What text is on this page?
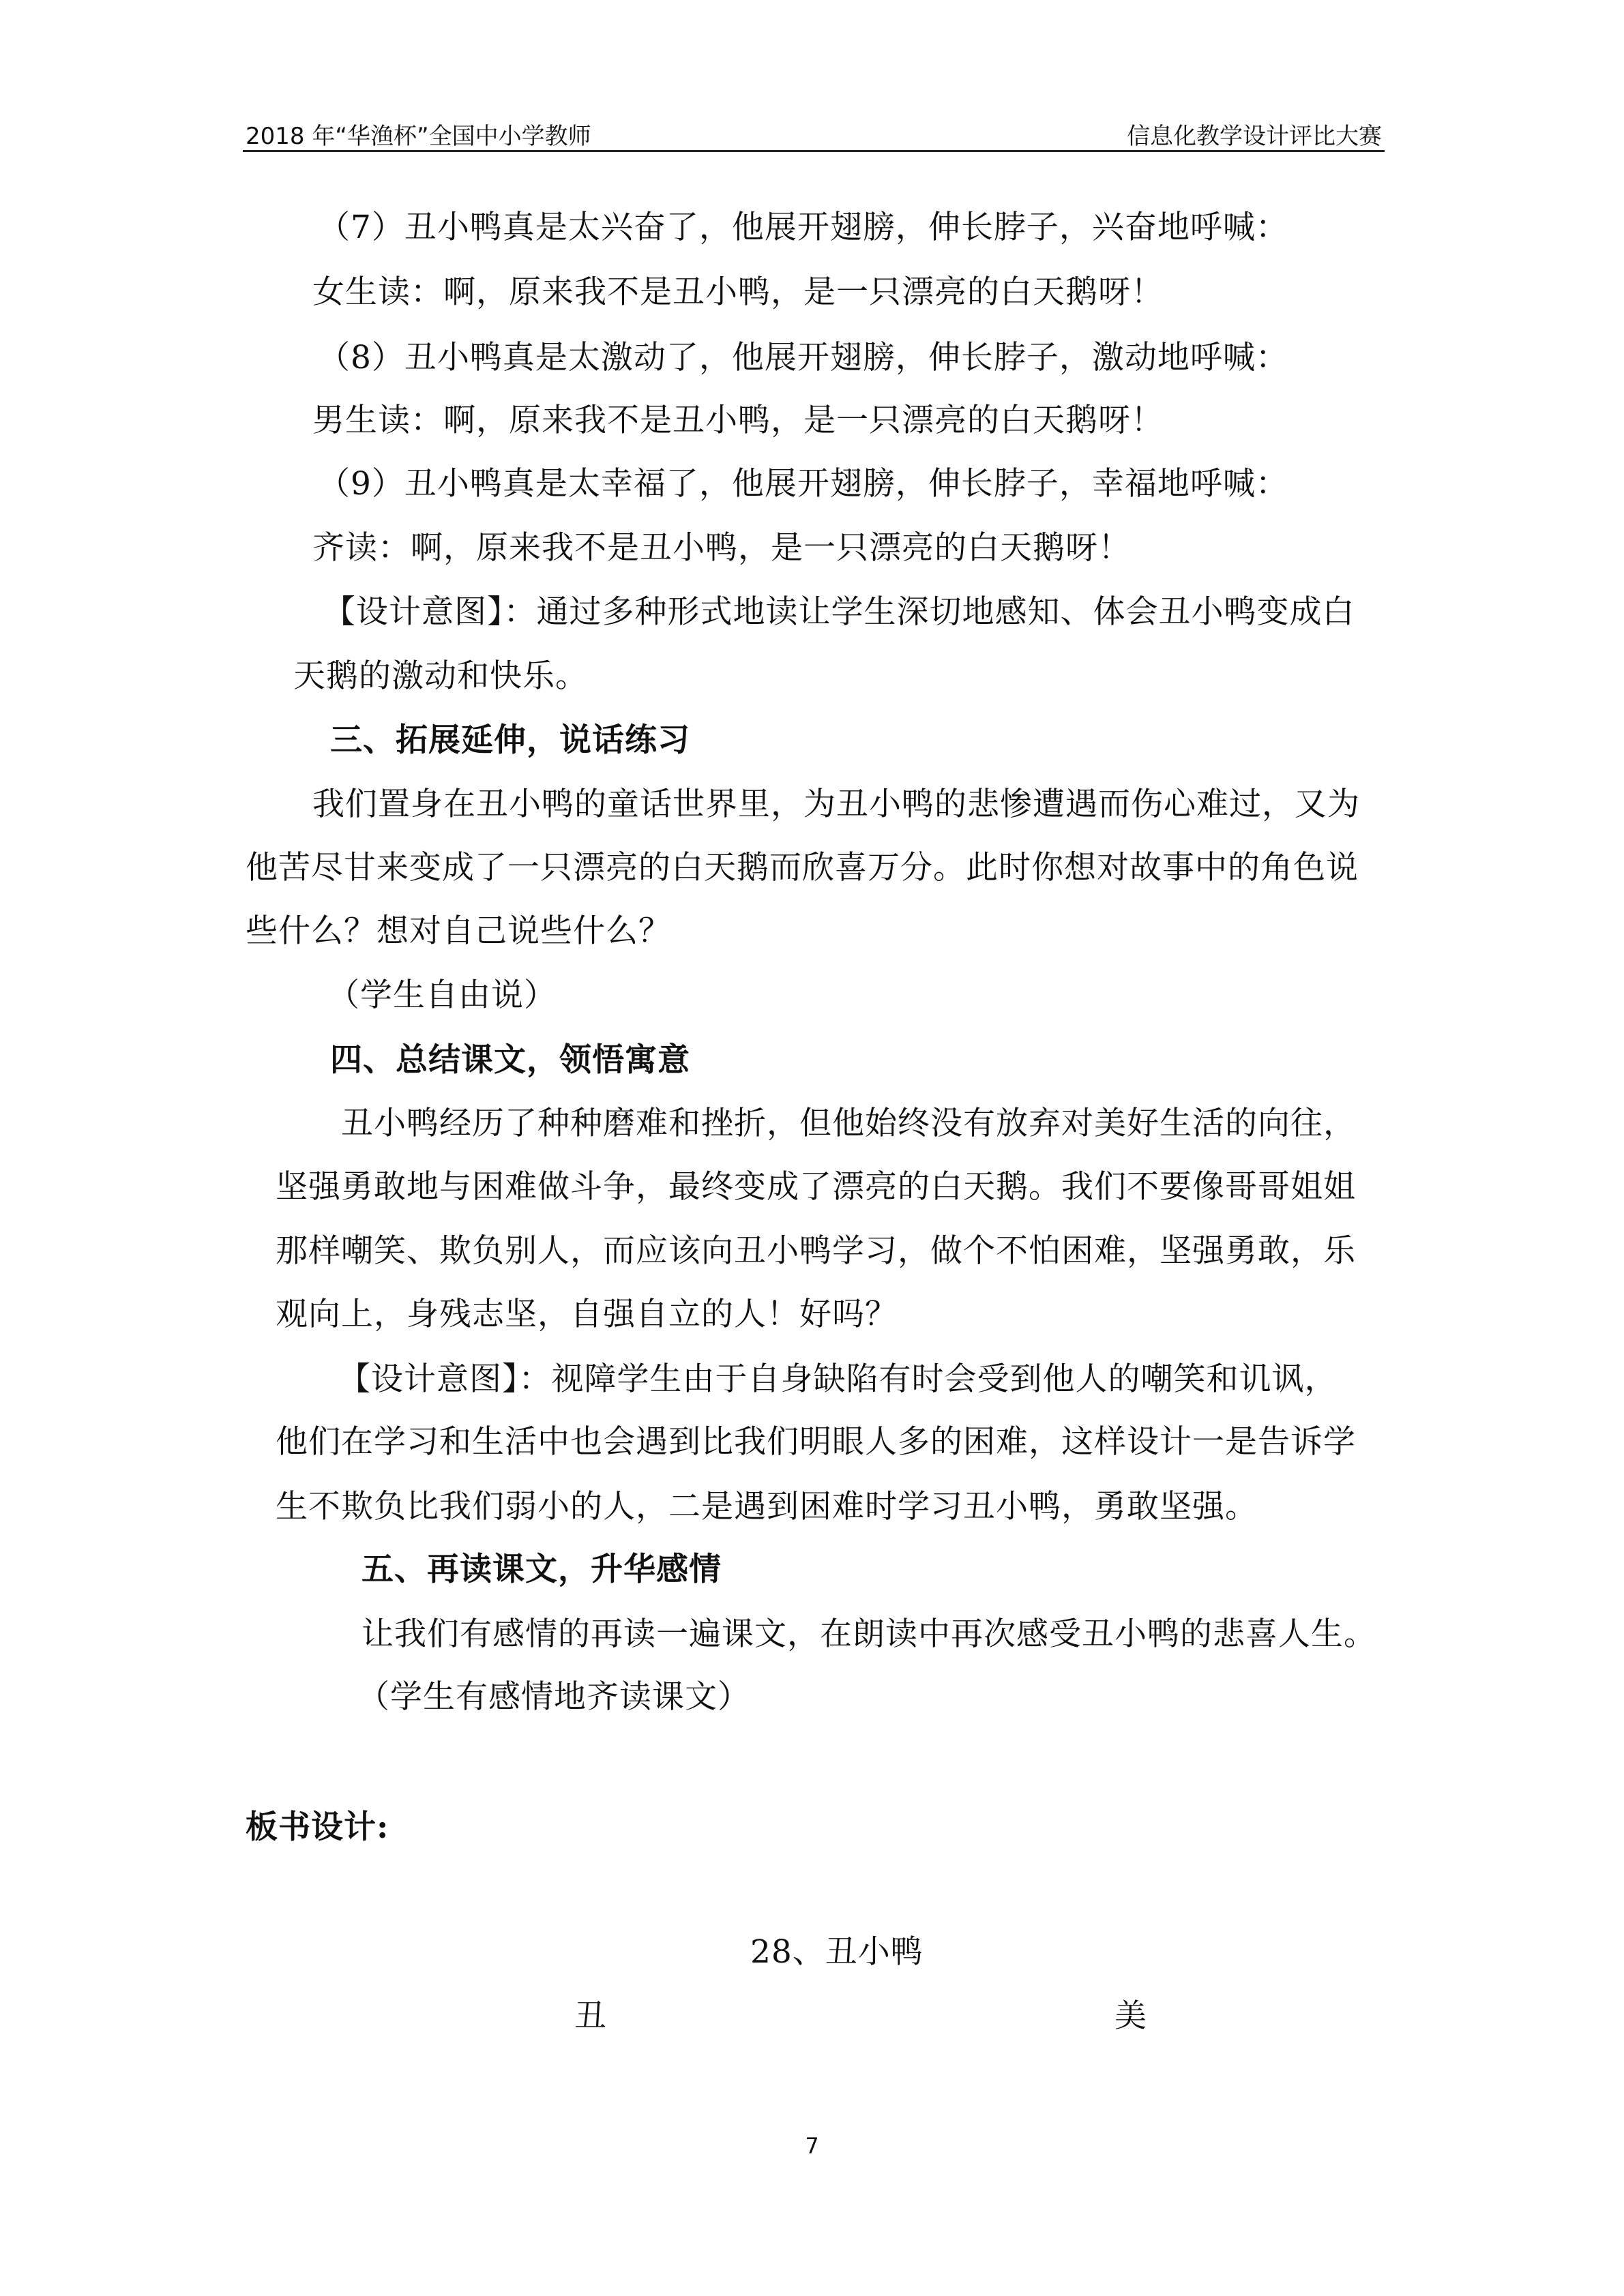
2018 年“华渔杯”全国中小学教师	信息化教学设计评比大赛
（7）丑小鸭真是太兴奋了，他展开翅膀，伸长脖子，兴奋地呼喊：
女生读：啊，原来我不是丑小鸭，是一只漂亮的白天鹅呀！
（8）丑小鸭真是太激动了，他展开翅膀，伸长脖子，激动地呼喊：
男生读：啊，原来我不是丑小鸭，是一只漂亮的白天鹅呀！
（9）丑小鸭真是太幸福了，他展开翅膀，伸长脖子，幸福地呼喊：
齐读：啊，原来我不是丑小鸭，是一只漂亮的白天鹅呀！
【设计意图】：通过多种形式地读让学生深切地感知、体会丑小鸭变成白
天鹅的激动和快乐。
三、拓展延伸，说话练习
我们置身在丑小鸭的童话世界里，为丑小鸭的悲惨遭遇而伤心难过，又为
他苦尽甘来变成了一只漂亮的白天鹅而欣喜万分。此时你想对故事中的角色说
些什么？想对自己说些什么？
（学生自由说）
四、总结课文，领悟寓意
丑小鸭经历了种种磨难和挫折，但他始终没有放弃对美好生活的向往，
坚强勇敢地与困难做斗争，最终变成了漂亮的白天鹅。我们不要像哥哥姐姐
那样嘲笑、欺负别人，而应该向丑小鸭学习，做个不怕困难，坚强勇敢，乐
观向上，身残志坚，自强自立的人！好吗？
【设计意图】：视障学生由于自身缺陷有时会受到他人的嘲笑和讥讽，
他们在学习和生活中也会遇到比我们明眼人多的困难，这样设计一是告诉学
生不欺负比我们弱小的人，二是遇到困难时学习丑小鸭，勇敢坚强。
五、再读课文，升华感情
让我们有感情的再读一遍课文，在朗读中再次感受丑小鸭的悲喜人生。
（学生有感情地齐读课文）
板书设计:
28、丑小鸭
丑	美
7
